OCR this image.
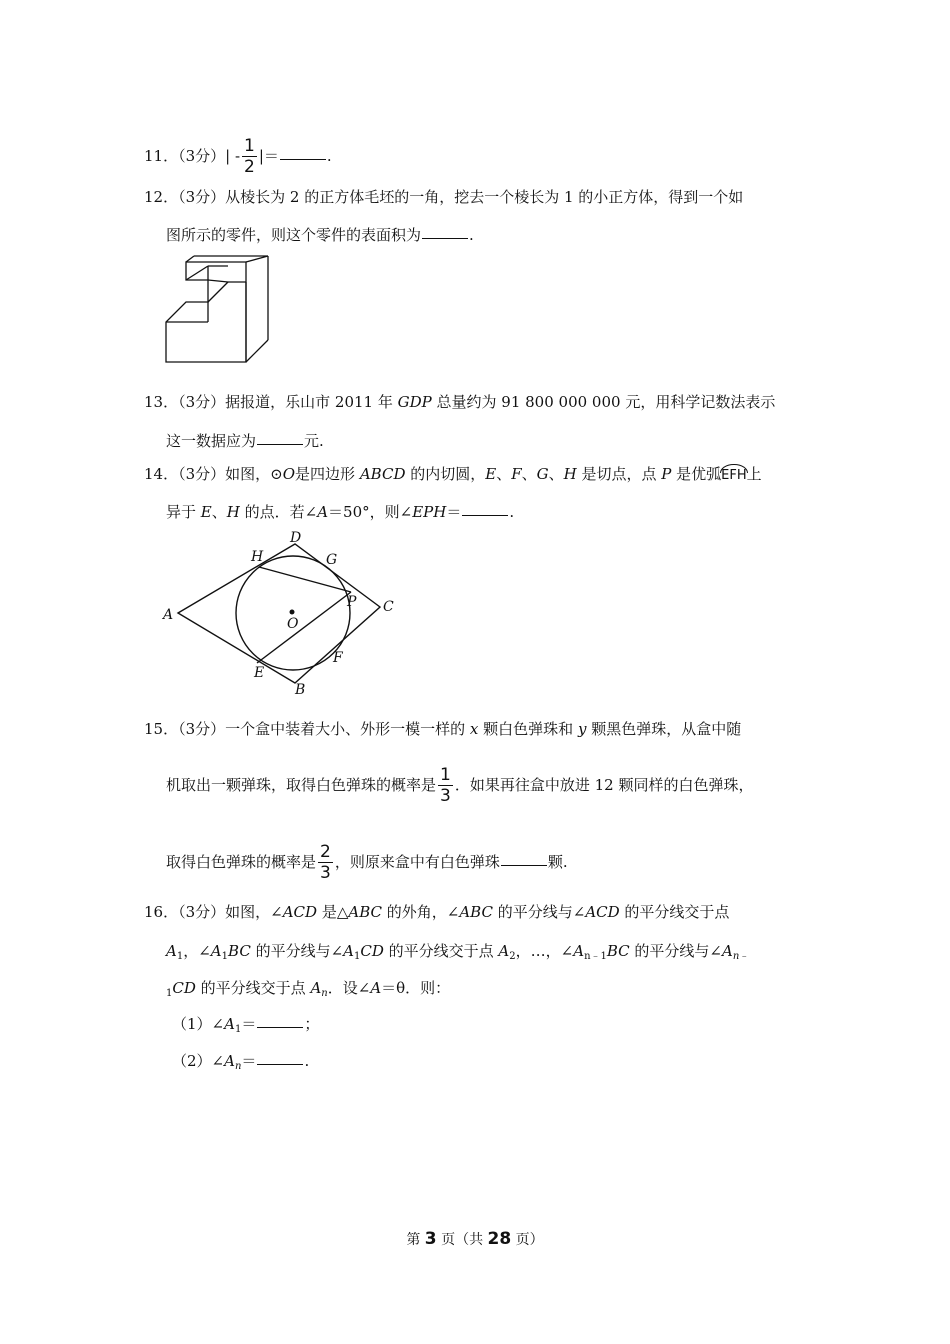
11．（3分）| - $\frac{1}{2}$ |＝	.
12．（3分）从棱长为 2 的正方体毛坯的一角，挖去一个棱长为 1 的小正方体，得到一个如
图所示的零件，则这个零件的表面积为	.
13．（3分）据报道，乐山市 2011 年 GDP 总量约为 91 800 000 000 元，用科学记数法表示
这一数据应为	元.
14．（3分）如图，⊙O是四边形 ABCD 的内切圆，E、F、G、H 是切点，点 P 是优弧EFH上
异于 E、H 的点．若∠A＝50°，则∠EPH＝	.
A
D
G
H
P C
O
E
F
B
15．（3分）一个盒中装着大小、外形一模一样的 x 颗白色弹珠和 y 颗黑色弹珠，从盒中随
机取出一颗弹珠，取得白色弹珠的概率是 $\frac{1}{3}$ ．如果再往盒中放进 12 颗同样的白色弹珠，
取得白色弹珠的概率是 $\frac{2}{3}$ ，则原来盒中有白色弹珠	颗.
16．（3分）如图，∠ACD 是△ABC 的外角，∠ABC 的平分线与∠ACD 的平分线交于点
$A_1$，$\angle A_1BC$ 的平分线与$\angle A_1CD$ 的平分线交于点 $A_2$，…，$\angle A_{n﹣1}BC$ 的平分线与$\angle A_{n﹣}$
$_1$CD 的平分线交于点 $A_n$．设∠A＝θ．则：
$(1)\angle A_1=$	；
$(2)\angle A_n=$	.
第 3 页（共 28 页）
